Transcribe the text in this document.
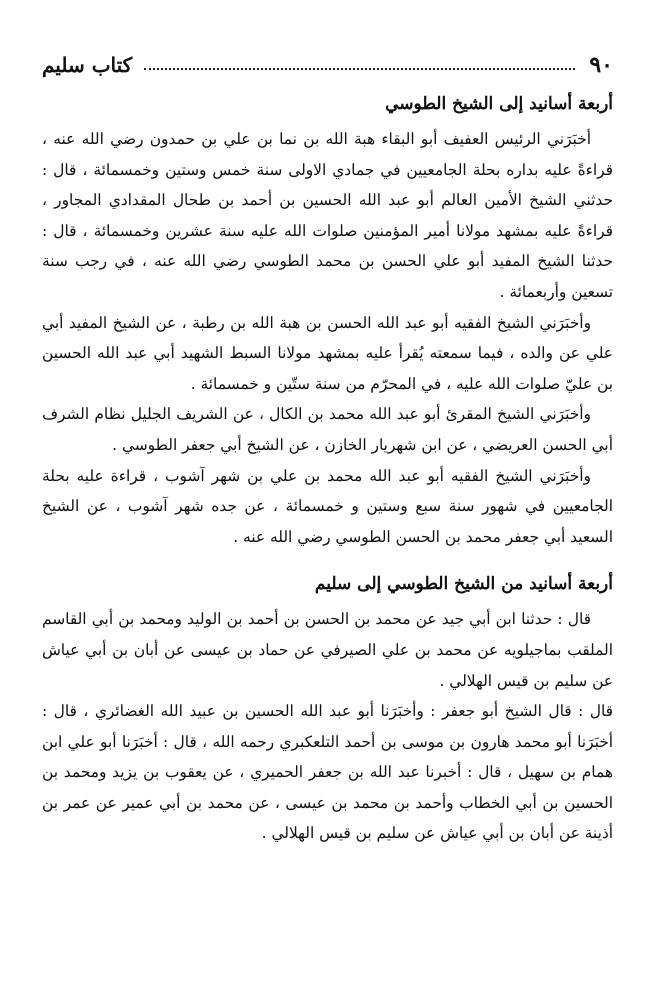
٩٠
كتاب سليم
أربعة أسانيد إلى الشيخ الطوسي

أخبَرَني الرئيس العفيف أبو البقاء هبة الله بن نما بن علي بن حمدون رضي الله عنه ، قراءةً عليه بداره بحلة الجامعيين في جمادي الاولى سنة خمس وستين وخمسمائة ، قال : حدثني الشيخ الأمين العالم أبو عبد الله الحسين بن أحمد بن طحال المقدادي المجاور ، قراءةً عليه بمشهد مولانا أمير المؤمنين صلوات الله عليه سنة عشرين وخمسمائة ، قال : حدثنا الشيخ المفيد أبو علي الحسن بن محمد الطوسي رضي الله عنه ، في رجب سنة تسعين وأربعمائة .

وأخبَرَني الشيخ الفقيه أبو عبد الله الحسن بن هبة الله بن رطبة ، عن الشيخ المفيد أبي علي عن والده ، فيما سمعته يُقرأ عليه بمشهد مولانا السبط الشهيد أبي عبد الله الحسين بن عليّ صلوات الله عليه ، في المحرّم من سنة ستّين و خمسمائة .

وأخبَرَني الشيخ المقرئ أبو عبد الله محمد بن الكال ، عن الشريف الجليل نظام الشرف أبي الحسن العريضي ، عن ابن شهريار الخازن ، عن الشيخ أبي جعفر الطوسي .

وأخبَرَني الشيخ الفقيه أبو عبد الله محمد بن علي بن شهر آشوب ، قراءة عليه بحلة الجامعيين في شهور سنة سبع وستين و خمسمائة ، عن جده شهر آشوب ، عن الشيخ السعيد أبي جعفر محمد بن الحسن الطوسي رضي الله عنه .

أربعة أسانيد من الشيخ الطوسي إلى سليم

قال : حدثنا ابن أبي جيد عن محمد بن الحسن بن أحمد بن الوليد ومحمد بن أبي القاسم الملقب بماجيلويه عن محمد بن علي الصيرفي عن حماد بن عيسى عن أبان بن أبي عياش عن سليم بن قيس الهلالي .

قال : قال الشيخ أبو جعفر : وأخبَرَنا أبو عبد الله الحسين بن عبيد الله الغضائري ، قال : أخبَرَنا أبو محمد هارون بن موسى بن أحمد التلعكبري رحمه الله ، قال : أخبَرَنا أبو علي ابن همام بن سهيل ، قال : أخبرنا عبد الله بن جعفر الحميري ، عن يعقوب بن يزيد ومحمد بن الحسين بن أبي الخطاب وأحمد بن محمد بن عيسى ، عن محمد بن أبي عمير عن عمر بن أذينة عن أبان بن أبي عياش عن سليم بن قيس الهلالي .
